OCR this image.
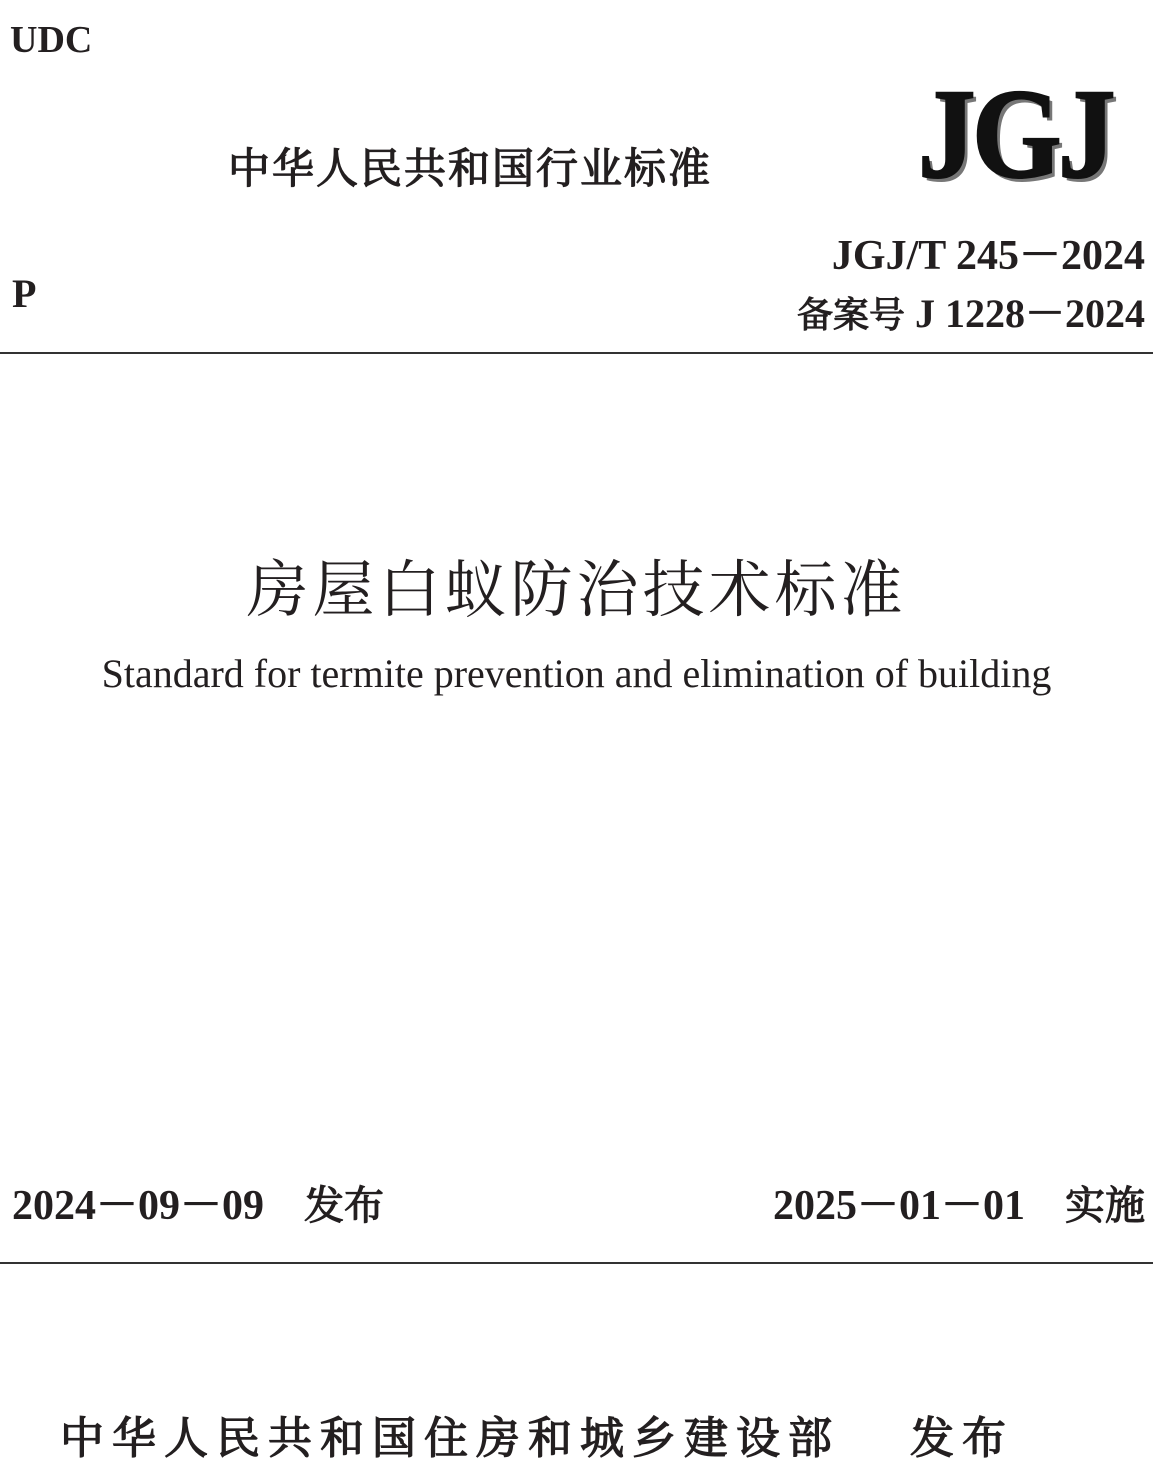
UDC
中华人民共和国行业标准 JGJ
P
JGJ/T 245－2024
备案号 J 1228－2024
房屋白蚁防治技术标准
Standard for termite prevention and elimination of building
2024－09－09 发布	2025－01－01 实施
中华人民共和国住房和城乡建设部 发布
